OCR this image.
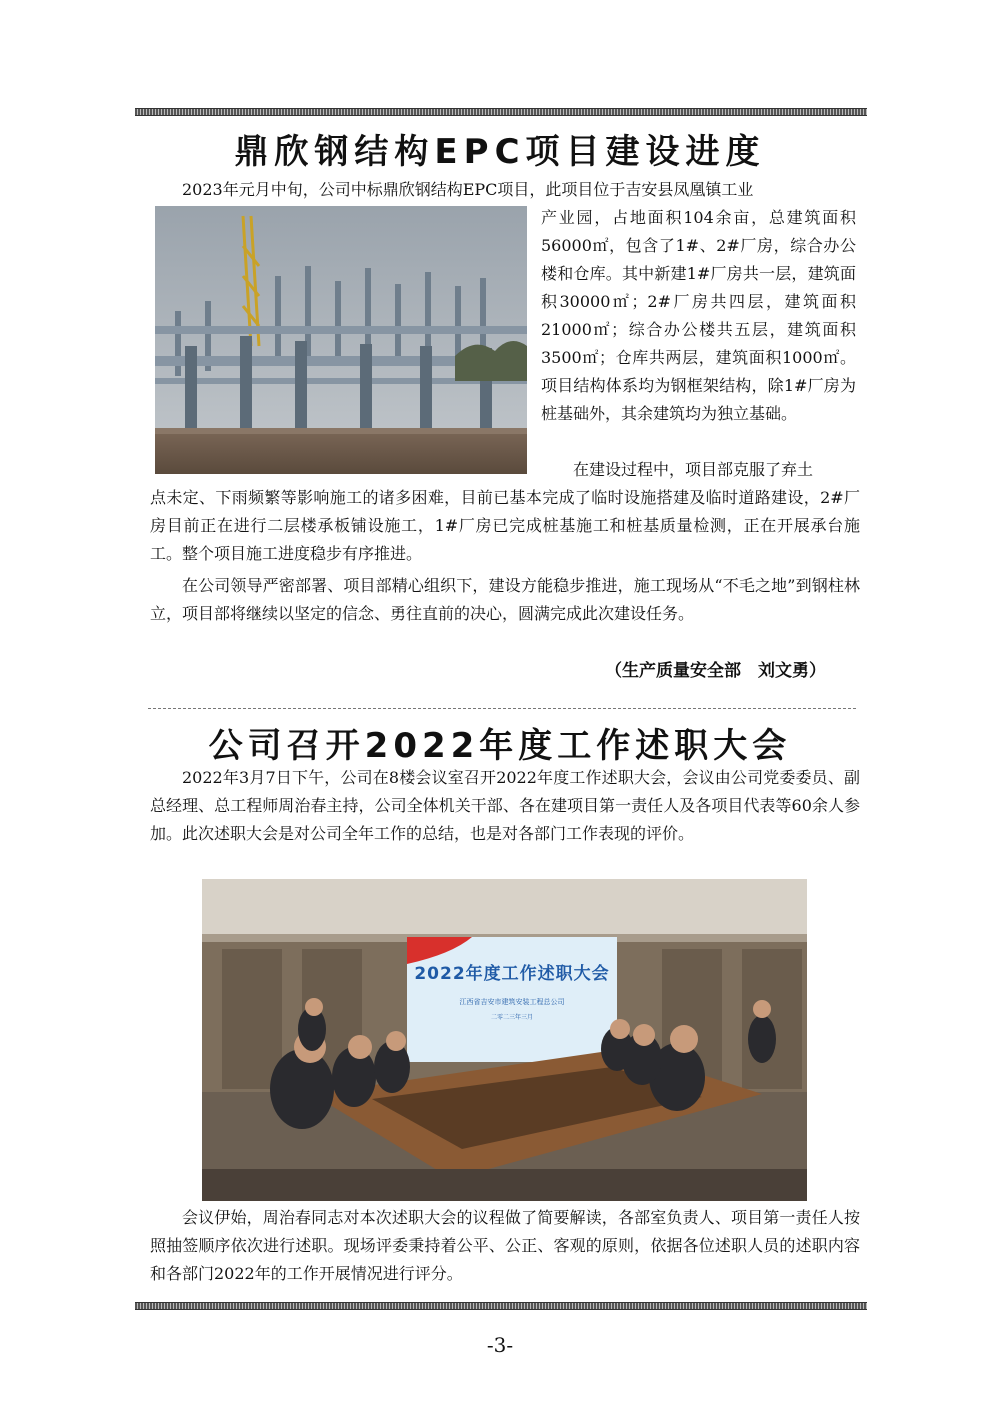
鼎欣钢结构EPC项目建设进度

2023年元月中旬，公司中标鼎欣钢结构EPC项目，此项目位于吉安县凤凰镇工业

产业园，占地面积104余亩，总建筑面积56000㎡，包含了1#、2#厂房，综合办公楼和仓库。其中新建1#厂房共一层，建筑面积30000㎡；2#厂房共四层，建筑面积21000㎡；综合办公楼共五层，建筑面积3500㎡；仓库共两层，建筑面积1000㎡。项目结构体系均为钢框架结构，除1#厂房为桩基础外，其余建筑均为独立基础。

在建设过程中，项目部克服了弃土

点未定、下雨频繁等影响施工的诸多困难，目前已基本完成了临时设施搭建及临时道路建设，2#厂房目前正在进行二层楼承板铺设施工，1#厂房已完成桩基施工和桩基质量检测，正在开展承台施工。整个项目施工进度稳步有序推进。

在公司领导严密部署、项目部精心组织下，建设方能稳步推进，施工现场从“不毛之地”到钢柱林立，项目部将继续以坚定的信念、勇往直前的决心，圆满完成此次建设任务。

（生产质量安全部　刘文勇）
公司召开2022年度工作述职大会

2022年3月7日下午，公司在8楼会议室召开2022年度工作述职大会，会议由公司党委委员、副总经理、总工程师周治春主持，公司全体机关干部、各在建项目第一责任人及各项目代表等60余人参加。此次述职大会是对公司全年工作的总结，也是对各部门工作表现的评价。

2022年度工作述职大会
江西省吉安市建筑安装工程总公司
二零二三年三月

会议伊始，周治春同志对本次述职大会的议程做了简要解读，各部室负责人、项目第一责任人按照抽签顺序依次进行述职。现场评委秉持着公平、公正、客观的原则，依据各位述职人员的述职内容和各部门2022年的工作开展情况进行评分。

-3-
